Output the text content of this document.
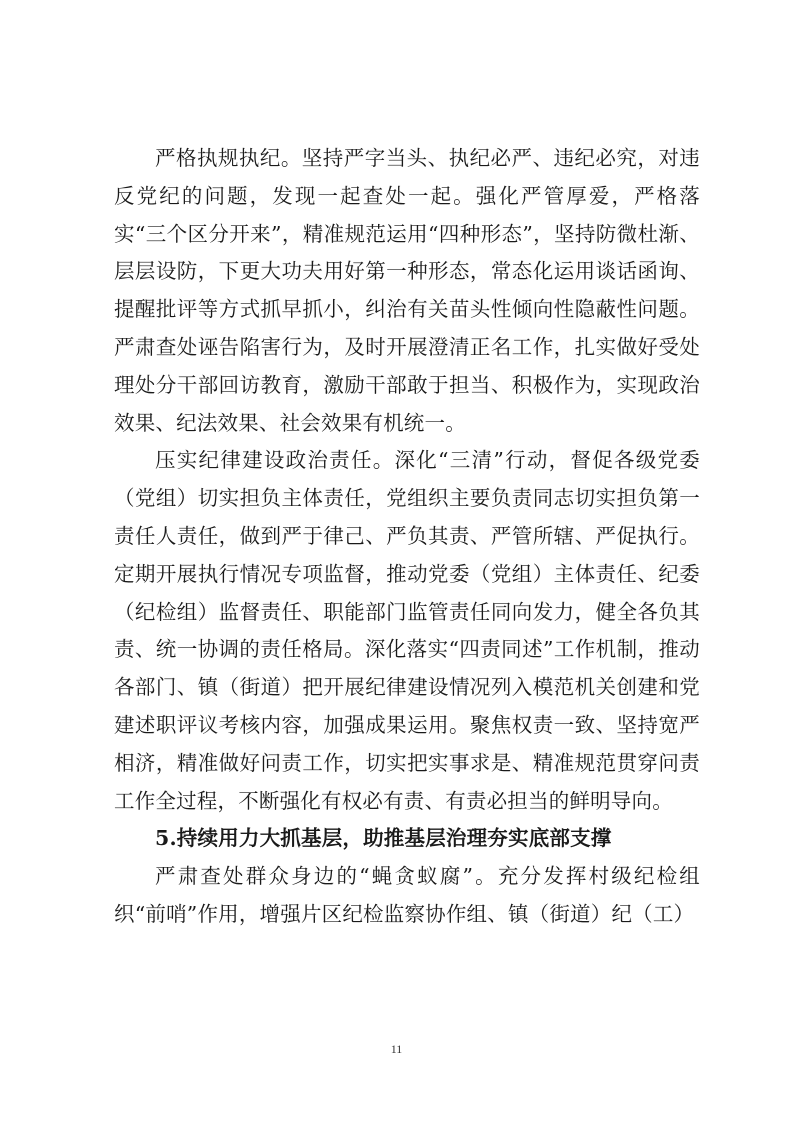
严格执规执纪。坚持严字当头、执纪必严、违纪必究，对违反党纪的问题，发现一起查处一起。强化严管厚爱，严格落实“三个区分开来”，精准规范运用“四种形态”，坚持防微杜渐、层层设防，下更大功夫用好第一种形态，常态化运用谈话函询、提醒批评等方式抓早抓小，纠治有关苗头性倾向性隐蔽性问题。严肃查处诬告陷害行为，及时开展澄清正名工作，扎实做好受处理处分干部回访教育，激励干部敢于担当、积极作为，实现政治效果、纪法效果、社会效果有机统一。

压实纪律建设政治责任。深化“三清”行动，督促各级党委（党组）切实担负主体责任，党组织主要负责同志切实担负第一责任人责任，做到严于律己、严负其责、严管所辖、严促执行。定期开展执行情况专项监督，推动党委（党组）主体责任、纪委（纪检组）监督责任、职能部门监管责任同向发力，健全各负其责、统一协调的责任格局。深化落实“四责同述”工作机制，推动各部门、镇（街道）把开展纪律建设情况列入模范机关创建和党建述职评议考核内容，加强成果运用。聚焦权责一致、坚持宽严相济，精准做好问责工作，切实把实事求是、精准规范贯穿问责工作全过程，不断强化有权必有责、有责必担当的鲜明导向。

5.持续用力大抓基层，助推基层治理夯实底部支撑

严肃查处群众身边的“蝇贪蚁腐”。充分发挥村级纪检组织“前哨”作用，增强片区纪检监察协作组、镇（街道）纪（工）

11
